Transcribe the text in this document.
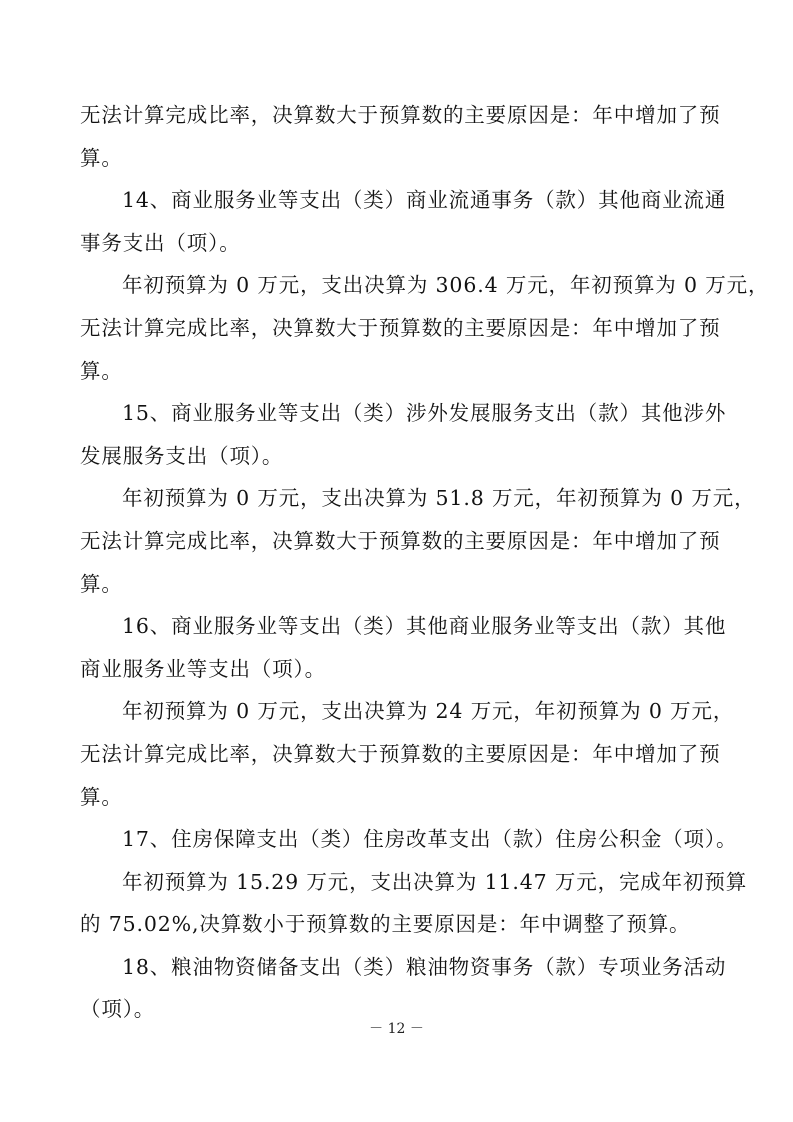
无法计算完成比率，决算数大于预算数的主要原因是：年中增加了预
算。
14、商业服务业等支出（类）商业流通事务（款）其他商业流通
事务支出（项）。
年初预算为 0 万元，支出决算为 306.4 万元，年初预算为 0 万元，
无法计算完成比率，决算数大于预算数的主要原因是：年中增加了预
算。
15、商业服务业等支出（类）涉外发展服务支出（款）其他涉外
发展服务支出（项）。
年初预算为 0 万元，支出决算为 51.8 万元，年初预算为 0 万元，
无法计算完成比率，决算数大于预算数的主要原因是：年中增加了预
算。
16、商业服务业等支出（类）其他商业服务业等支出（款）其他
商业服务业等支出（项）。
年初预算为 0 万元，支出决算为 24 万元，年初预算为 0 万元，
无法计算完成比率，决算数大于预算数的主要原因是：年中增加了预
算。
17、住房保障支出（类）住房改革支出（款）住房公积金（项）。
年初预算为 15.29 万元，支出决算为 11.47 万元，完成年初预算
的 75.02%,决算数小于预算数的主要原因是：年中调整了预算。
18、粮油物资储备支出（类）粮油物资事务（款）专项业务活动
（项）。
－ 12 －
